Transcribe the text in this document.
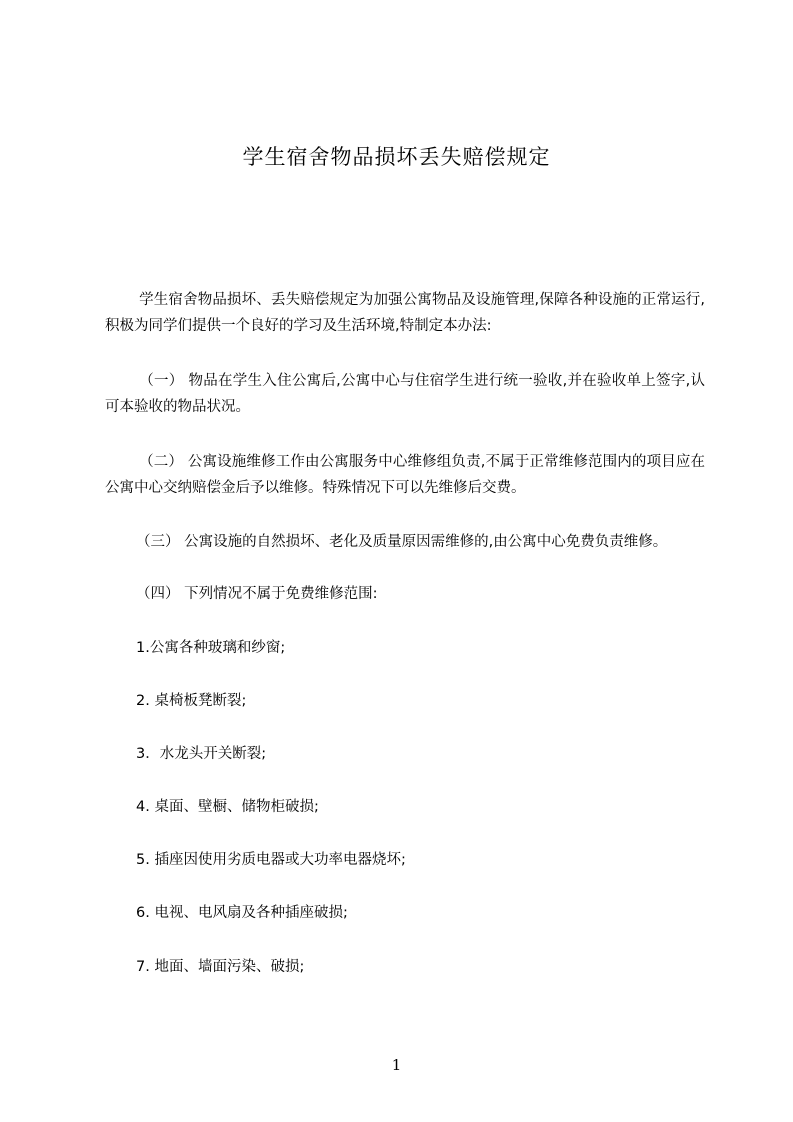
学生宿舍物品损坏丢失赔偿规定

学生宿舍物品损坏、丢失赔偿规定为加强公寓物品及设施管理,保障各种设施的正常运行,积极为同学们提供一个良好的学习及生活环境,特制定本办法:

（一） 物品在学生入住公寓后,公寓中心与住宿学生进行统一验收,并在验收单上签字,认可本验收的物品状况。

（二） 公寓设施维修工作由公寓服务中心维修组负责,不属于正常维修范围内的项目应在公寓中心交纳赔偿金后予以维修。特殊情况下可以先维修后交费。

（三） 公寓设施的自然损坏、老化及质量原因需维修的,由公寓中心免费负责维修。

（四） 下列情况不属于免费维修范围:

1.公寓各种玻璃和纱窗;

2. 桌椅板凳断裂;

3．水龙头开关断裂;

4. 桌面、壁橱、储物柜破损;

5. 插座因使用劣质电器或大功率电器烧坏;

6. 电视、电风扇及各种插座破损;

7. 地面、墙面污染、破损;

1
